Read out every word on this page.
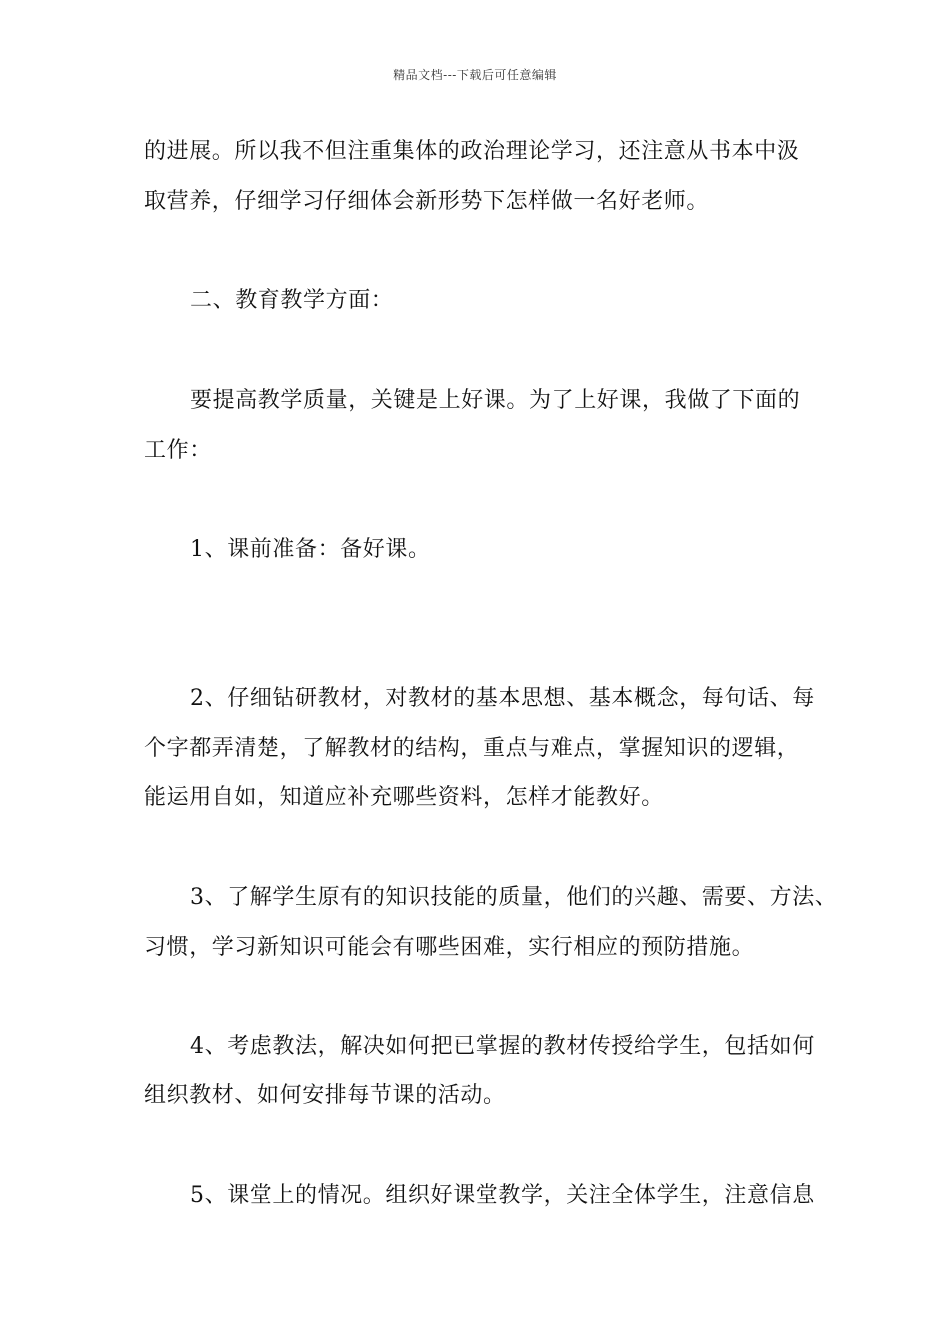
精品文档---下载后可任意编辑
的进展。所以我不但注重集体的政治理论学习，还注意从书本中汲
取营养，仔细学习仔细体会新形势下怎样做一名好老师。
二、教育教学方面：
要提高教学质量，关键是上好课。为了上好课，我做了下面的
工作：
1、课前准备：备好课。
2、仔细钻研教材，对教材的基本思想、基本概念，每句话、每
个字都弄清楚，了解教材的结构，重点与难点，掌握知识的逻辑，
能运用自如，知道应补充哪些资料，怎样才能教好。
3、了解学生原有的知识技能的质量，他们的兴趣、需要、方法、
习惯，学习新知识可能会有哪些困难，实行相应的预防措施。
4、考虑教法，解决如何把已掌握的教材传授给学生，包括如何
组织教材、如何安排每节课的活动。
5、课堂上的情况。组织好课堂教学，关注全体学生，注意信息
